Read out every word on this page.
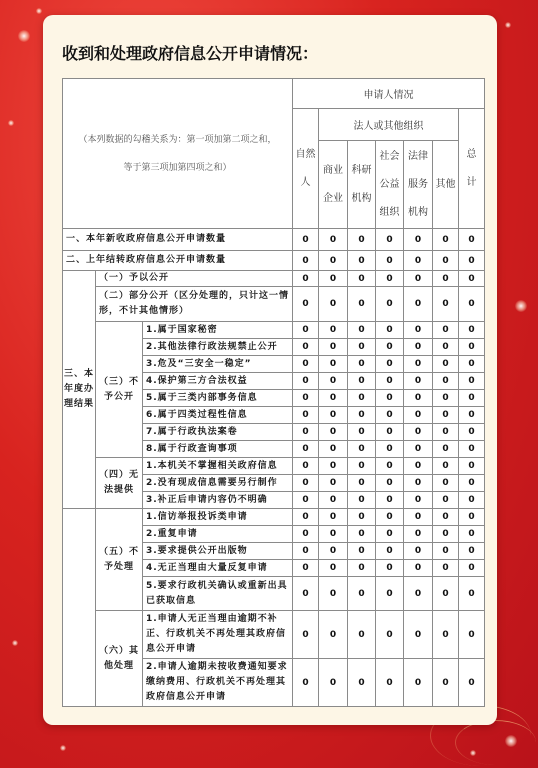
收到和处理政府信息公开申请情况：
（本列数据的勾稽关系为：第一项加第二项之和，
等于第三项加第四项之和）			申请人情况						

			自然人	法人或其他组织					总计

				商业企业	科研机构	社会公益组织	法律服务机构	其他	

一、本年新收政府信息公开申请数量			0	0	0	0	0	0	0
二、上年结转政府信息公开申请数量			0	0	0	0	0	0	0
三、本年度办理结果	（一）予以公开		0	0	0	0	0	0	0
	（二）部分公开（区分处理的，只计这一情形，不计其他情形）		0	0	0	0	0	0	0
	（三）不予公开	1.属于国家秘密	0	0	0	0	0	0	0
		2.其他法律行政法规禁止公开	0	0	0	0	0	0	0
		3.危及“三安全一稳定”	0	0	0	0	0	0	0
		4.保护第三方合法权益	0	0	0	0	0	0	0
		5.属于三类内部事务信息	0	0	0	0	0	0	0
		6.属于四类过程性信息	0	0	0	0	0	0	0
		7.属于行政执法案卷	0	0	0	0	0	0	0
		8.属于行政查询事项	0	0	0	0	0	0	0
	（四）无法提供	1.本机关不掌握相关政府信息	0	0	0	0	0	0	0
		2.没有现成信息需要另行制作	0	0	0	0	0	0	0
		3.补正后申请内容仍不明确	0	0	0	0	0	0	0
	（五）不予处理	1.信访举报投诉类申请	0	0	0	0	0	0	0
		2.重复申请	0	0	0	0	0	0	0
		3.要求提供公开出版物	0	0	0	0	0	0	0
		4.无正当理由大量反复申请	0	0	0	0	0	0	0
		5.要求行政机关确认或重新出具已获取信息	0	0	0	0	0	0	0
	（六）其他处理	1.申请人无正当理由逾期不补正、行政机关不再处理其政府信息公开申请	0	0	0	0	0	0	0
		2.申请人逾期未按收费通知要求缴纳费用、行政机关不再处理其政府信息公开申请	0	0	0	0	0	0	0
